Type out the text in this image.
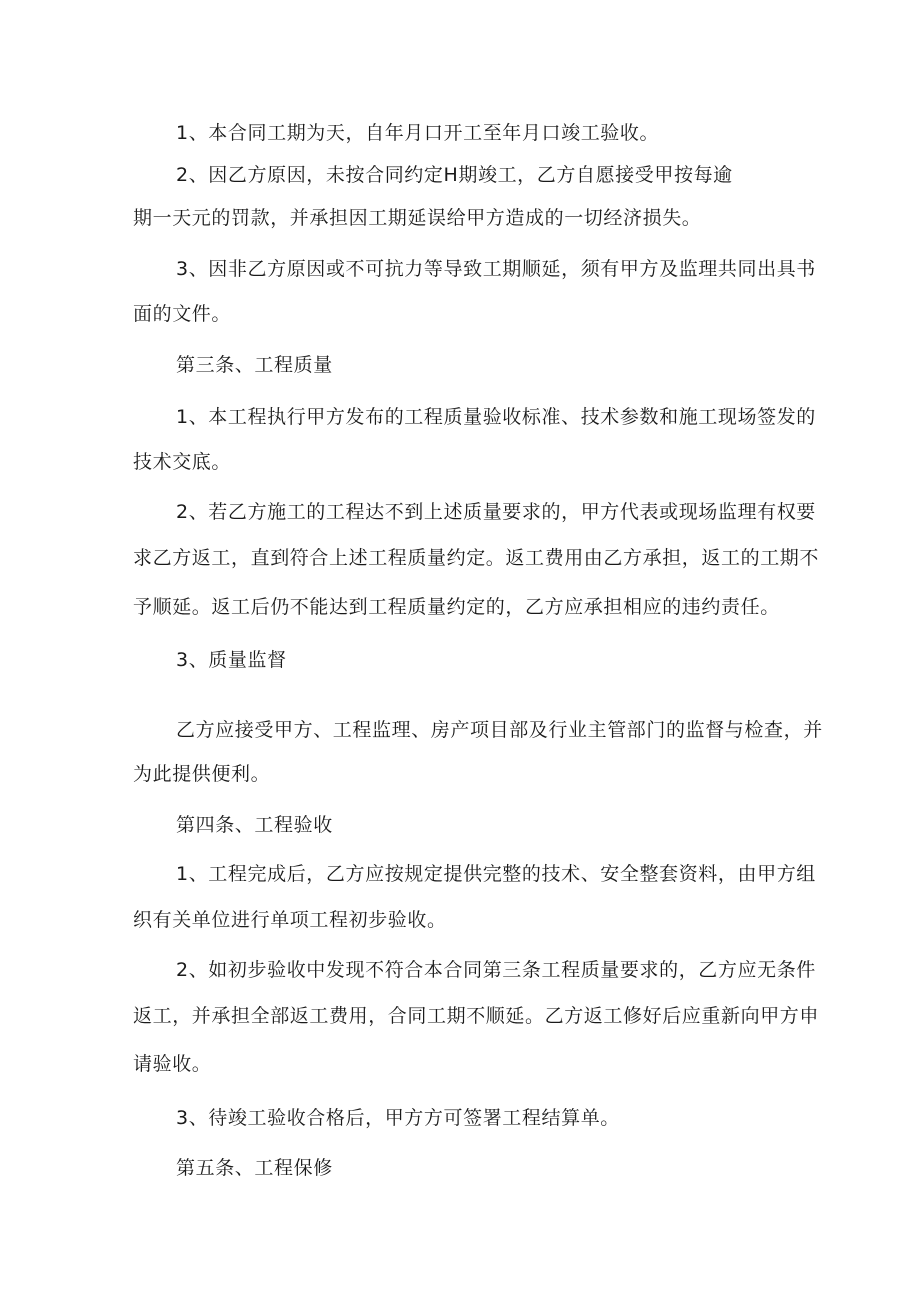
1、本合同工期为天，自年月口开工至年月口竣工验收。
2、因乙方原因，未按合同约定H期竣工，乙方自愿接受甲按每逾
期一天元的罚款，并承担因工期延误给甲方造成的一切经济损失。
3、因非乙方原因或不可抗力等导致工期顺延，须有甲方及监理共同出具书
面的文件。
第三条、工程质量
1、本工程执行甲方发布的工程质量验收标准、技术参数和施工现场签发的
技术交底。
2、若乙方施工的工程达不到上述质量要求的，甲方代表或现场监理有权要
求乙方返工，直到符合上述工程质量约定。返工费用由乙方承担，返工的工期不
予顺延。返工后仍不能达到工程质量约定的，乙方应承担相应的违约责任。
3、质量监督
乙方应接受甲方、工程监理、房产项目部及行业主管部门的监督与检查，并
为此提供便利。
第四条、工程验收
1、工程完成后，乙方应按规定提供完整的技术、安全整套资料，由甲方组
织有关单位进行单项工程初步验收。
2、如初步验收中发现不符合本合同第三条工程质量要求的，乙方应无条件
返工，并承担全部返工费用，合同工期不顺延。乙方返工修好后应重新向甲方申
请验收。
3、待竣工验收合格后，甲方方可签署工程结算单。
第五条、工程保修
